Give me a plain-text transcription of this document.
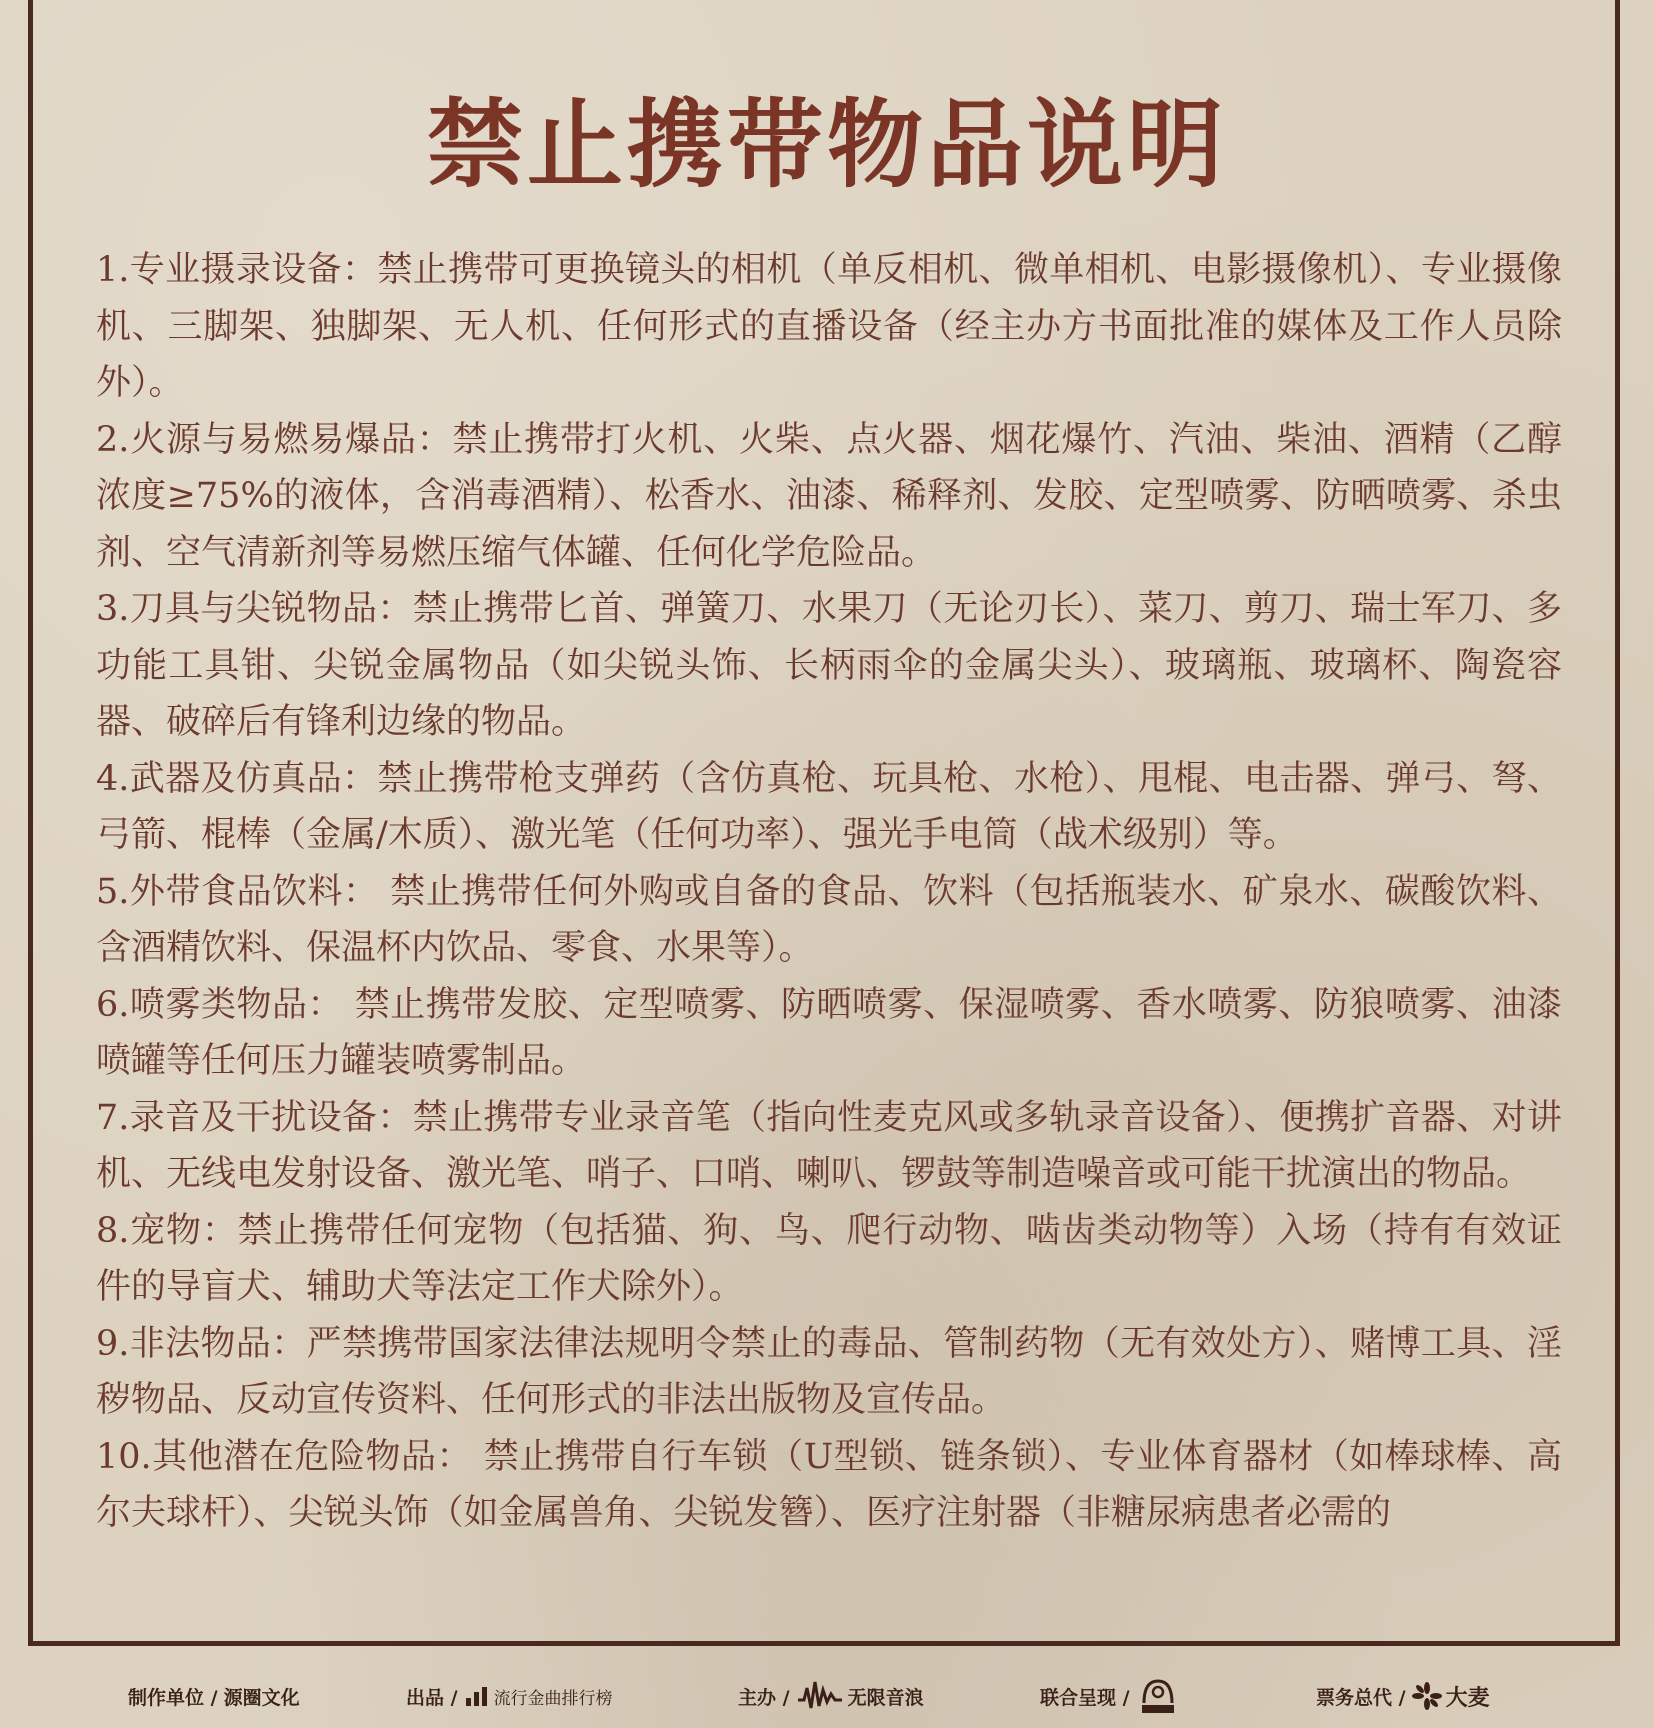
禁止携带物品说明
1.专业摄录设备：禁止携带可更换镜头的相机（单反相机、微单相机、电影摄像机）、专业摄像机、三脚架、独脚架、无人机、任何形式的直播设备（经主办方书面批准的媒体及工作人员除外）。
2.火源与易燃易爆品：禁止携带打火机、火柴、点火器、烟花爆竹、汽油、柴油、酒精（乙醇浓度≥75%的液体，含消毒酒精）、松香水、油漆、稀释剂、发胶、定型喷雾、防晒喷雾、杀虫剂、空气清新剂等易燃压缩气体罐、任何化学危险品。
3.刀具与尖锐物品：禁止携带匕首、弹簧刀、水果刀（无论刃长）、菜刀、剪刀、瑞士军刀、多功能工具钳、尖锐金属物品（如尖锐头饰、长柄雨伞的金属尖头）、玻璃瓶、玻璃杯、陶瓷容器、破碎后有锋利边缘的物品。
4.武器及仿真品：禁止携带枪支弹药（含仿真枪、玩具枪、水枪）、甩棍、电击器、弹弓、弩、弓箭、棍棒（金属/木质）、激光笔（任何功率）、强光手电筒（战术级别）等。
5.外带食品饮料： 禁止携带任何外购或自备的食品、饮料（包括瓶装水、矿泉水、碳酸饮料、含酒精饮料、保温杯内饮品、零食、水果等）。
6.喷雾类物品： 禁止携带发胶、定型喷雾、防晒喷雾、保湿喷雾、香水喷雾、防狼喷雾、油漆喷罐等任何压力罐装喷雾制品。
7.录音及干扰设备：禁止携带专业录音笔（指向性麦克风或多轨录音设备）、便携扩音器、对讲机、无线电发射设备、激光笔、哨子、口哨、喇叭、锣鼓等制造噪音或可能干扰演出的物品。
8.宠物：禁止携带任何宠物（包括猫、狗、鸟、爬行动物、啮齿类动物等）入场（持有有效证件的导盲犬、辅助犬等法定工作犬除外）。
9.非法物品：严禁携带国家法律法规明令禁止的毒品、管制药物（无有效处方）、赌博工具、淫秽物品、反动宣传资料、任何形式的非法出版物及宣传品。
10.其他潜在危险物品： 禁止携带自行车锁（U型锁、链条锁）、专业体育器材（如棒球棒、高尔夫球杆）、尖锐头饰（如金属兽角、尖锐发簪）、医疗注射器（非糖尿病患者必需的
制作单位 / 源圈文化	出品 / 流行金曲排行榜	主办 /	无限音浪	联合呈现 /	票务总代 / 大麦
